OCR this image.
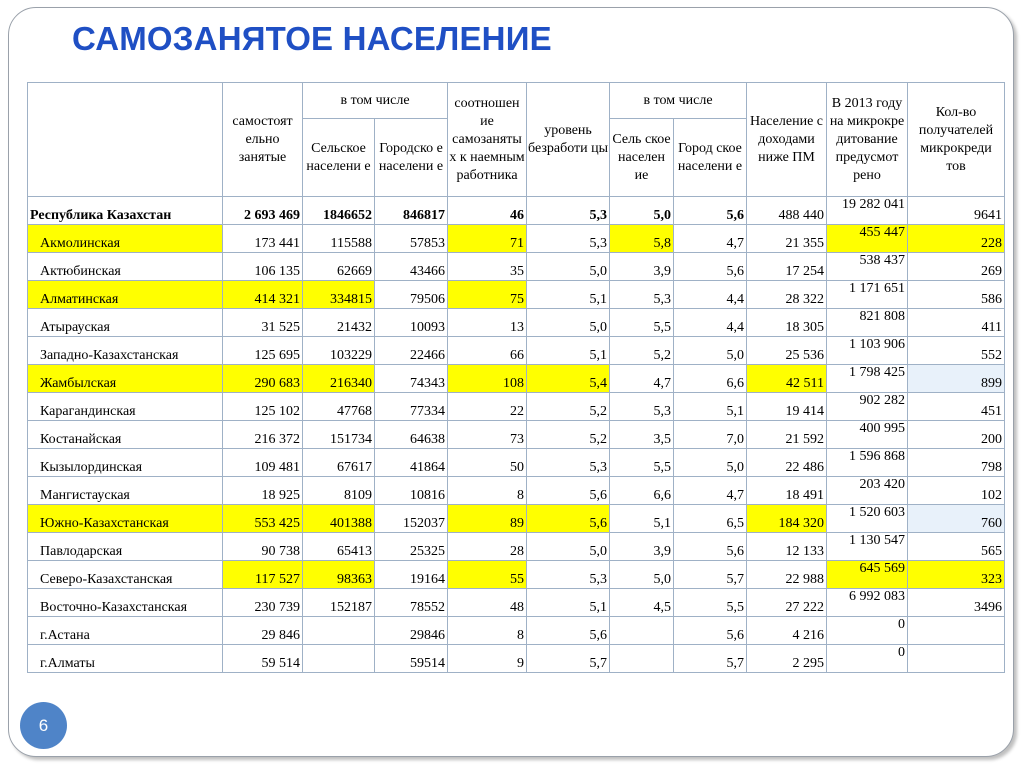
САМОЗАНЯТОЕ НАСЕЛЕНИЕ
	самостоят ельно занятые	в том числе		соотношен ие самозаняты х к наемным работника	уровень безработи цы	в том числе		Население с доходами ниже ПМ	В 2013 году на микрокре дитование предусмот рено	Кол-во получателей микрокреди тов
		Сельское населени е	Городско е населени е			Сель ское населен ие	Город ское населени е			
Республика Казахстан	2 693 469	1846652	846817	46	5,3	5,0	5,6	488 440	19 282 041	9641
Акмолинская	173 441	115588	57853	71	5,3	5,8	4,7	21 355	455 447	228
Актюбинская	106 135	62669	43466	35	5,0	3,9	5,6	17 254	538 437	269
Алматинская	414 321	334815	79506	75	5,1	5,3	4,4	28 322	1 171 651	586
Атырауская	31 525	21432	10093	13	5,0	5,5	4,4	18 305	821 808	411
Западно-Казахстанская	125 695	103229	22466	66	5,1	5,2	5,0	25 536	1 103 906	552
Жамбылская	290 683	216340	74343	108	5,4	4,7	6,6	42 511	1 798 425	899
Карагандинская	125 102	47768	77334	22	5,2	5,3	5,1	19 414	902 282	451
Костанайская	216 372	151734	64638	73	5,2	3,5	7,0	21 592	400 995	200
Кызылординская	109 481	67617	41864	50	5,3	5,5	5,0	22 486	1 596 868	798
Мангистауская	18 925	8109	10816	8	5,6	6,6	4,7	18 491	203 420	102
Южно-Казахстанская	553 425	401388	152037	89	5,6	5,1	6,5	184 320	1 520 603	760
Павлодарская	90 738	65413	25325	28	5,0	3,9	5,6	12 133	1 130 547	565
Северо-Казахстанская	117 527	98363	19164	55	5,3	5,0	5,7	22 988	645 569	323
Восточно-Казахстанская	230 739	152187	78552	48	5,1	4,5	5,5	27 222	6 992 083	3496
г.Астана	29 846		29846	8	5,6		5,6	4 216	0	
г.Алматы	59 514		59514	9	5,7		5,7	2 295	0	
6
